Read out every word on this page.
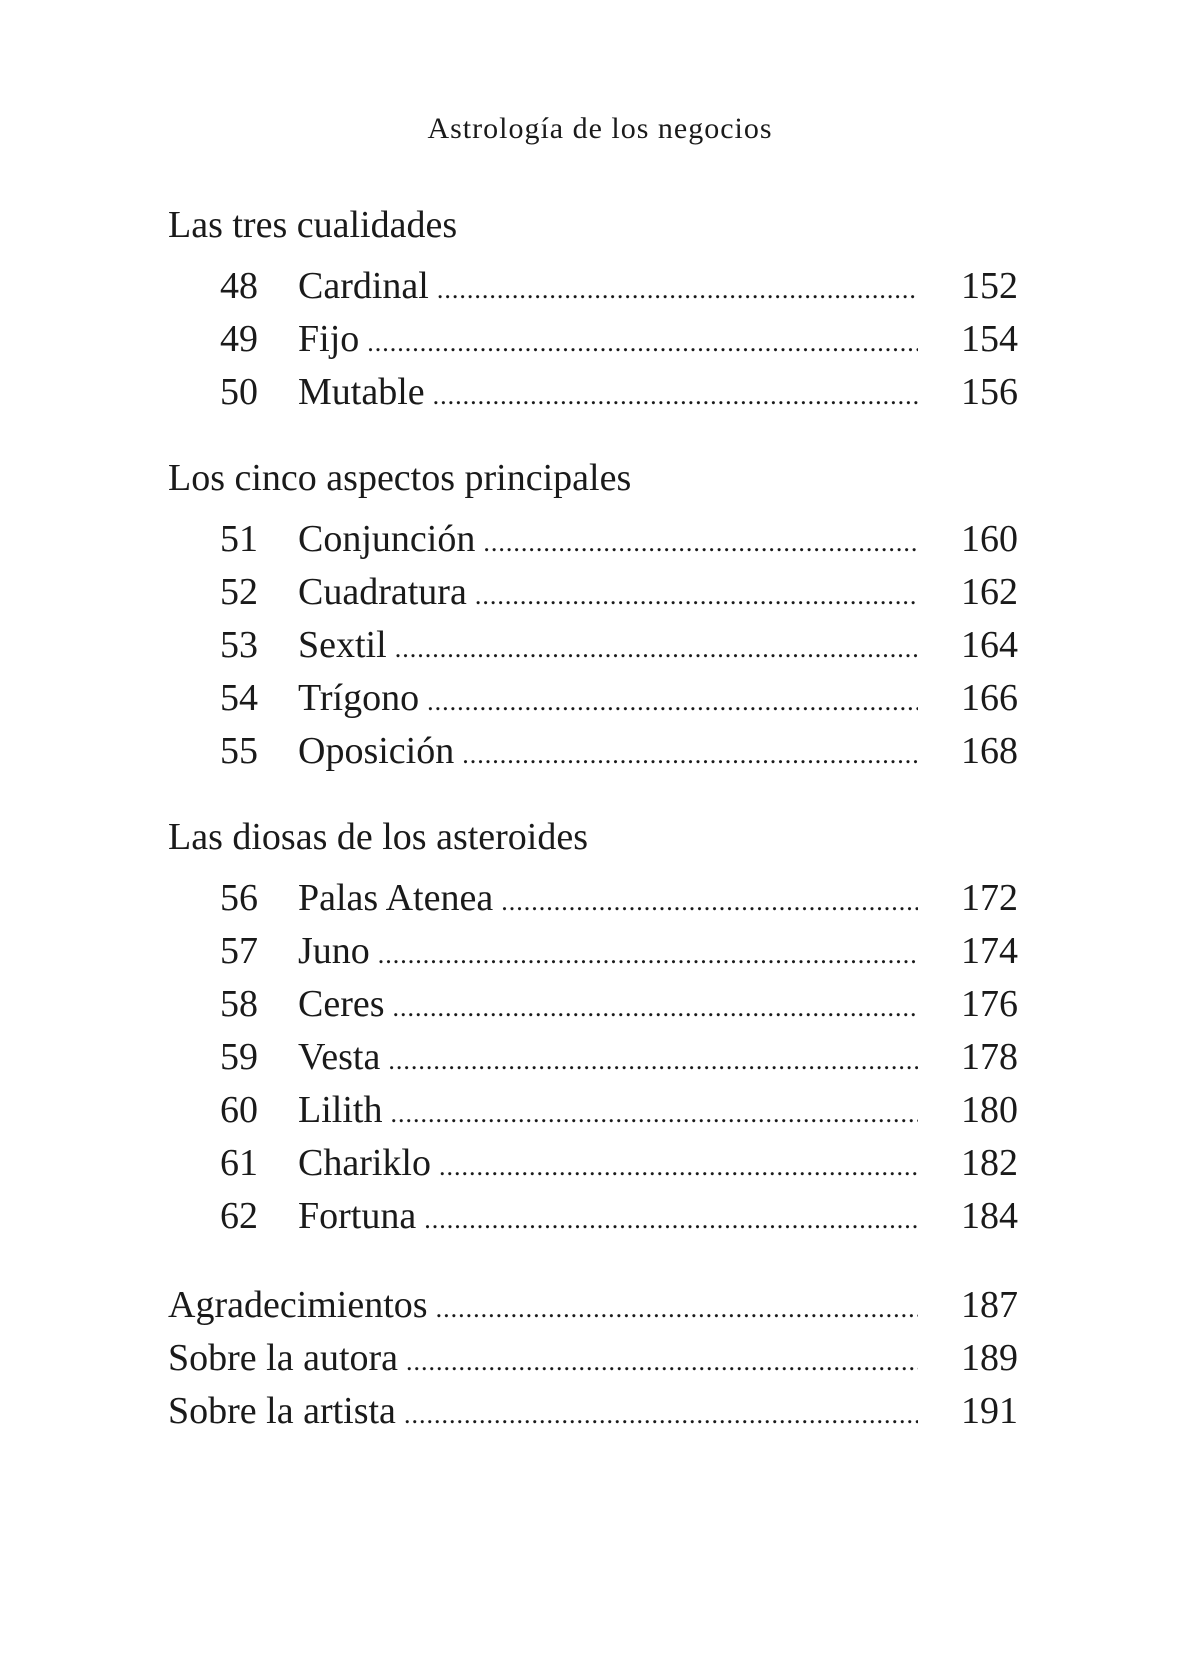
Astrología de los negocios
Las tres cualidades
48	Cardinal .....	152
49	Fijo .....	154
50	Mutable .....	156
Los cinco aspectos principales
51	Conjunción .....	160
52	Cuadratura .....	162
53	Sextil .....	164
54	Trígono .....	166
55	Oposición .....	168
Las diosas de los asteroides
56	Palas Atenea .....	172
57	Juno .....	174
58	Ceres .....	176
59	Vesta .....	178
60	Lilith .....	180
61	Chariklo .....	182
62	Fortuna .....	184
Agradecimientos .....	187
Sobre la autora .....	189
Sobre la artista .....	191
